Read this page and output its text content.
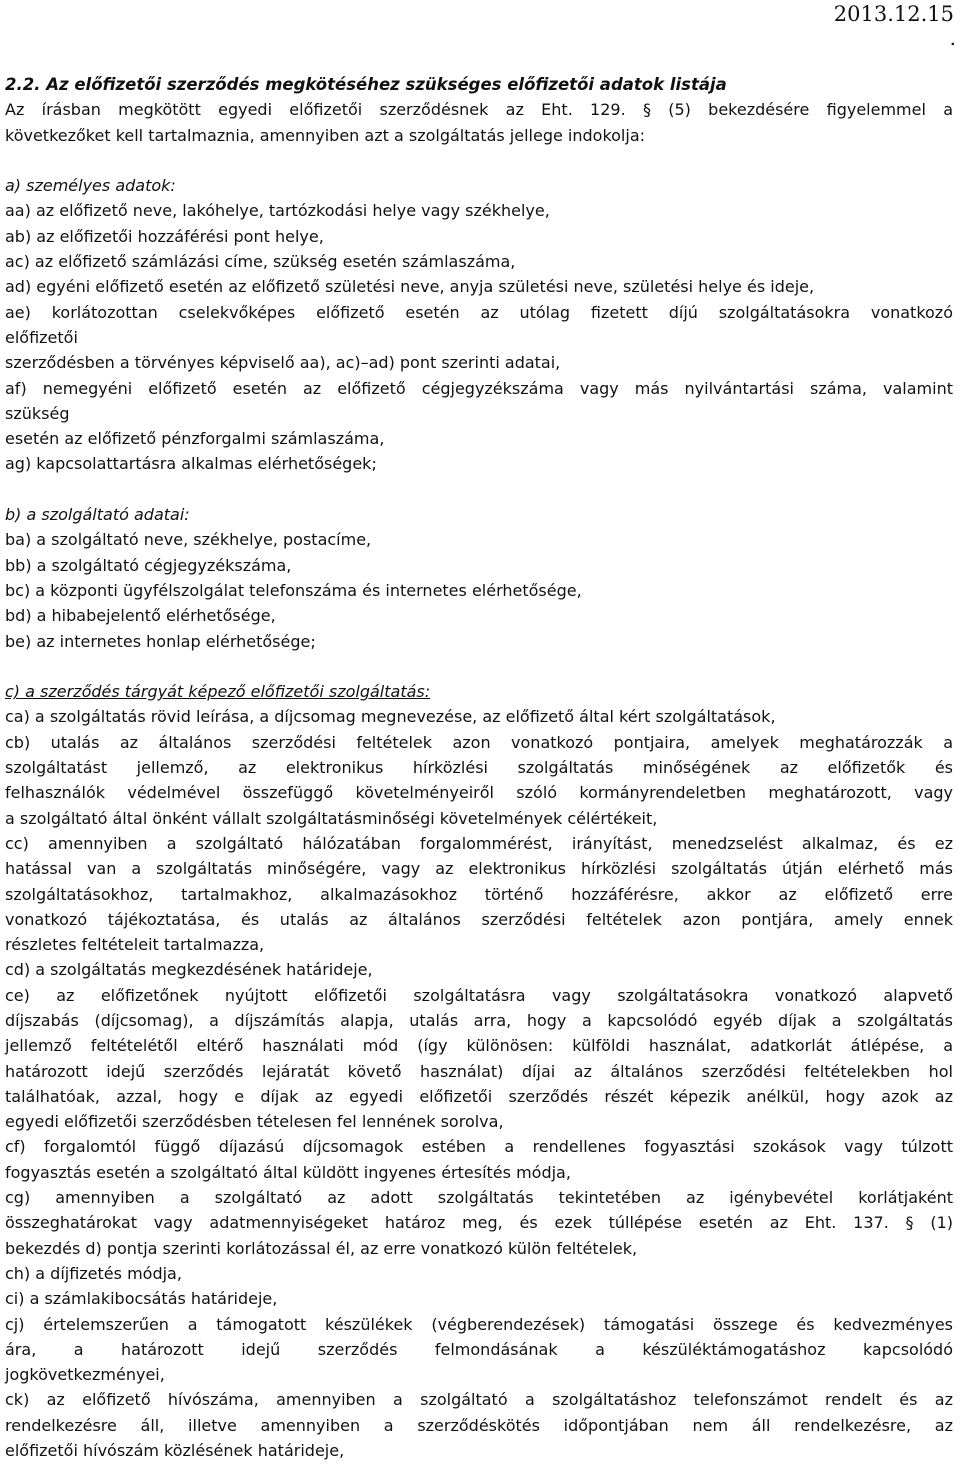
2013.12.15
.
2.2. Az előfizetői szerződés megkötéséhez szükséges előfizetői adatok listája
Az írásban megkötött egyedi előfizetői szerződésnek az Eht. 129. § (5) bekezdésére figyelemmel a
következőket kell tartalmaznia, amennyiben azt a szolgáltatás jellege indokolja:
a) személyes adatok:
aa) az előfizető neve, lakóhelye, tartózkodási helye vagy székhelye,
ab) az előfizetői hozzáférési pont helye,
ac) az előfizető számlázási címe, szükség esetén számlaszáma,
ad) egyéni előfizető esetén az előfizető születési neve, anyja születési neve, születési helye és ideje,
ae) korlátozottan cselekvőképes előfizető esetén az utólag fizetett díjú szolgáltatásokra vonatkozó
előfizetői
szerződésben a törvényes képviselő aa), ac)–ad) pont szerinti adatai,
af) nemegyéni előfizető esetén az előfizető cégjegyzékszáma vagy más nyilvántartási száma, valamint
szükség
esetén az előfizető pénzforgalmi számlaszáma,
ag) kapcsolattartásra alkalmas elérhetőségek;
b) a szolgáltató adatai:
ba) a szolgáltató neve, székhelye, postacíme,
bb) a szolgáltató cégjegyzékszáma,
bc) a központi ügyfélszolgálat telefonszáma és internetes elérhetősége,
bd) a hibabejelentő elérhetősége,
be) az internetes honlap elérhetősége;
c) a szerződés tárgyát képező előfizetői szolgáltatás:
ca) a szolgáltatás rövid leírása, a díjcsomag megnevezése, az előfizető által kért szolgáltatások,
cb) utalás az általános szerződési feltételek azon vonatkozó pontjaira, amelyek meghatározzák a
szolgáltatást jellemző, az elektronikus hírközlési szolgáltatás minőségének az előfizetők és
felhasználók védelmével összefüggő követelményeiről szóló kormányrendeletben meghatározott, vagy
a szolgáltató által önként vállalt szolgáltatásminőségi követelmények célértékeit,
cc) amennyiben a szolgáltató hálózatában forgalommérést, irányítást, menedzselést alkalmaz, és ez
hatással van a szolgáltatás minőségére, vagy az elektronikus hírközlési szolgáltatás útján elérhető más
szolgáltatásokhoz, tartalmakhoz, alkalmazásokhoz történő hozzáférésre, akkor az előfizető erre
vonatkozó tájékoztatása, és utalás az általános szerződési feltételek azon pontjára, amely ennek
részletes feltételeit tartalmazza,
cd) a szolgáltatás megkezdésének határideje,
ce) az előfizetőnek nyújtott előfizetői szolgáltatásra vagy szolgáltatásokra vonatkozó alapvető
díjszabás (díjcsomag), a díjszámítás alapja, utalás arra, hogy a kapcsolódó egyéb díjak a szolgáltatás
jellemző feltételétől eltérő használati mód (így különösen: külföldi használat, adatkorlát átlépése, a
határozott idejű szerződés lejáratát követő használat) díjai az általános szerződési feltételekben hol
találhatóak, azzal, hogy e díjak az egyedi előfizetői szerződés részét képezik anélkül, hogy azok az
egyedi előfizetői szerződésben tételesen fel lennének sorolva,
cf) forgalomtól függő díjazású díjcsomagok estében a rendellenes fogyasztási szokások vagy túlzott
fogyasztás esetén a szolgáltató által küldött ingyenes értesítés módja,
cg) amennyiben a szolgáltató az adott szolgáltatás tekintetében az igénybevétel korlátjaként
összeghatárokat vagy adatmennyiségeket határoz meg, és ezek túllépése esetén az Eht. 137. § (1)
bekezdés d) pontja szerinti korlátozással él, az erre vonatkozó külön feltételek,
ch) a díjfizetés módja,
ci) a számlakibocsátás határideje,
cj) értelemszerűen a támogatott készülékek (végberendezések) támogatási összege és kedvezményes
ára, a határozott idejű szerződés felmondásának a készüléktámogatáshoz kapcsolódó
jogkövetkezményei,
ck) az előfizető hívószáma, amennyiben a szolgáltató a szolgáltatáshoz telefonszámot rendelt és az
rendelkezésre áll, illetve amennyiben a szerződéskötés időpontjában nem áll rendelkezésre, az
előfizetői hívószám közlésének határideje,
